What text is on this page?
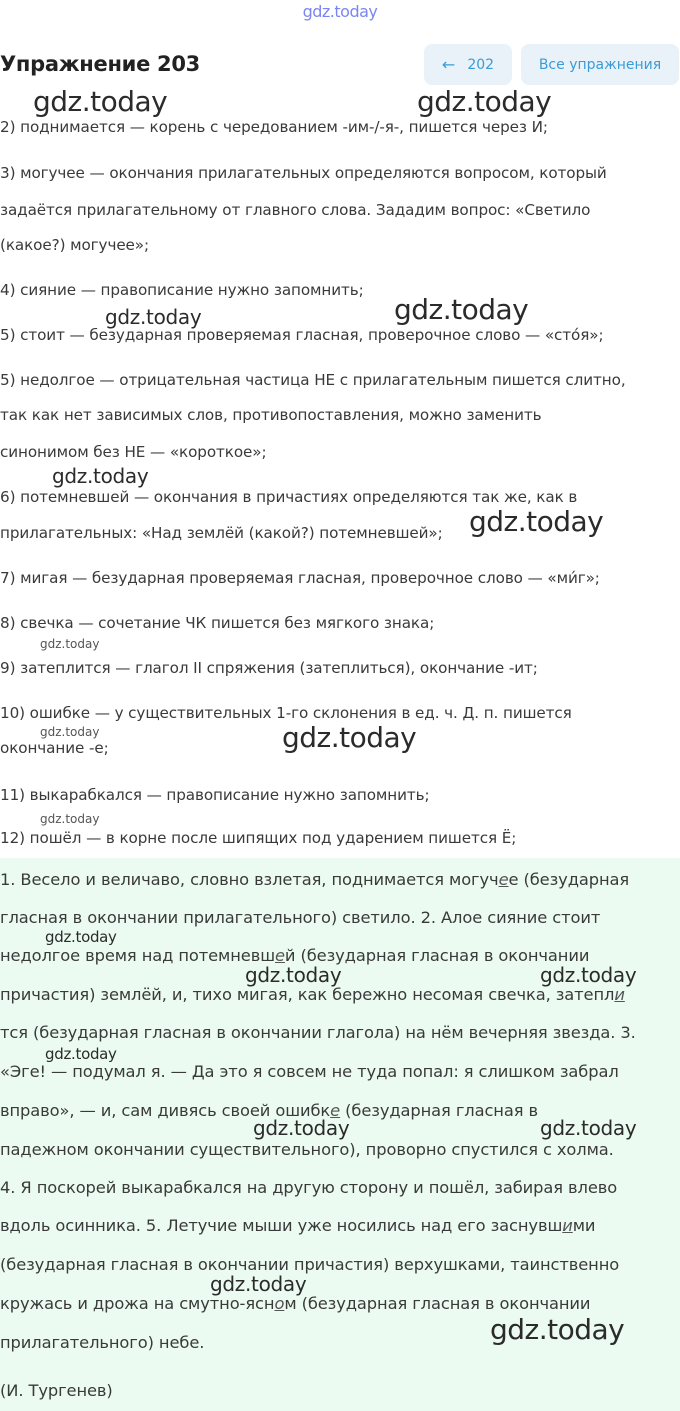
gdz.today
Упражнение 203	← 202	Все упражнения
2) поднимается — корень с чередованием -им-/-я-, пишется через И;
3) могучее — окончания прилагательных определяются вопросом, который
задаётся прилагательному от главного слова. Зададим вопрос: «Светило
(какое?) могучее»;
4) сияние — правописание нужно запомнить;
5) стоит — безударная проверяемая гласная, проверочное слово — «сто́я»;
5) недолгое — отрицательная частица НЕ с прилагательным пишется слитно,
так как нет зависимых слов, противопоставления, можно заменить
синонимом без НЕ — «короткое»;
6) потемневшей — окончания в причастиях определяются так же, как в
прилагательных: «Над землёй (какой?) потемневшей»;
7) мигая — безударная проверяемая гласная, проверочное слово — «ми́г»;
8) свечка — сочетание ЧК пишется без мягкого знака;
9) затеплится — глагол II спряжения (затеплиться), окончание -ит;
10) ошибке — у существительных 1-го склонения в ед. ч. Д. п. пишется
окончание -е;
11) выкарабкался — правописание нужно запомнить;
12) пошёл — в корне после шипящих под ударением пишется Ё;
1. Весело и величаво, словно взлетая, поднимается могучее (безударная
гласная в окончании прилагательного) светило. 2. Алое сияние стоит
недолгое время над потемневшей (безударная гласная в окончании
причастия) землёй, и, тихо мигая, как бережно несомая свечка, затепли
тся (безударная гласная в окончании глагола) на нём вечерняя звезда. 3.
«Эге! — подумал я. — Да это я совсем не туда попал: я слишком забрал
вправо», — и, сам дивясь своей ошибке (безударная гласная в
падежном окончании существительного), проворно спустился с холма.
4. Я поскорей выкарабкался на другую сторону и пошёл, забирая влево
вдоль осинника. 5. Летучие мыши уже носились над его заснувшими
(безударная гласная в окончании причастия) верхушками, таинственно
кружась и дрожа на смутно-ясном (безударная гласная в окончании
прилагательного) небе.
(И. Тургенев)
gdz.today	gdz.today
gdz.today
gdz.today
gdz.today
gdz.today
gdz.today
gdz.today	gdz.today
gdz.today
gdz.today
gdz.today	gdz.today
gdz.today
gdz.today	gdz.today
gdz.today
gdz.today
